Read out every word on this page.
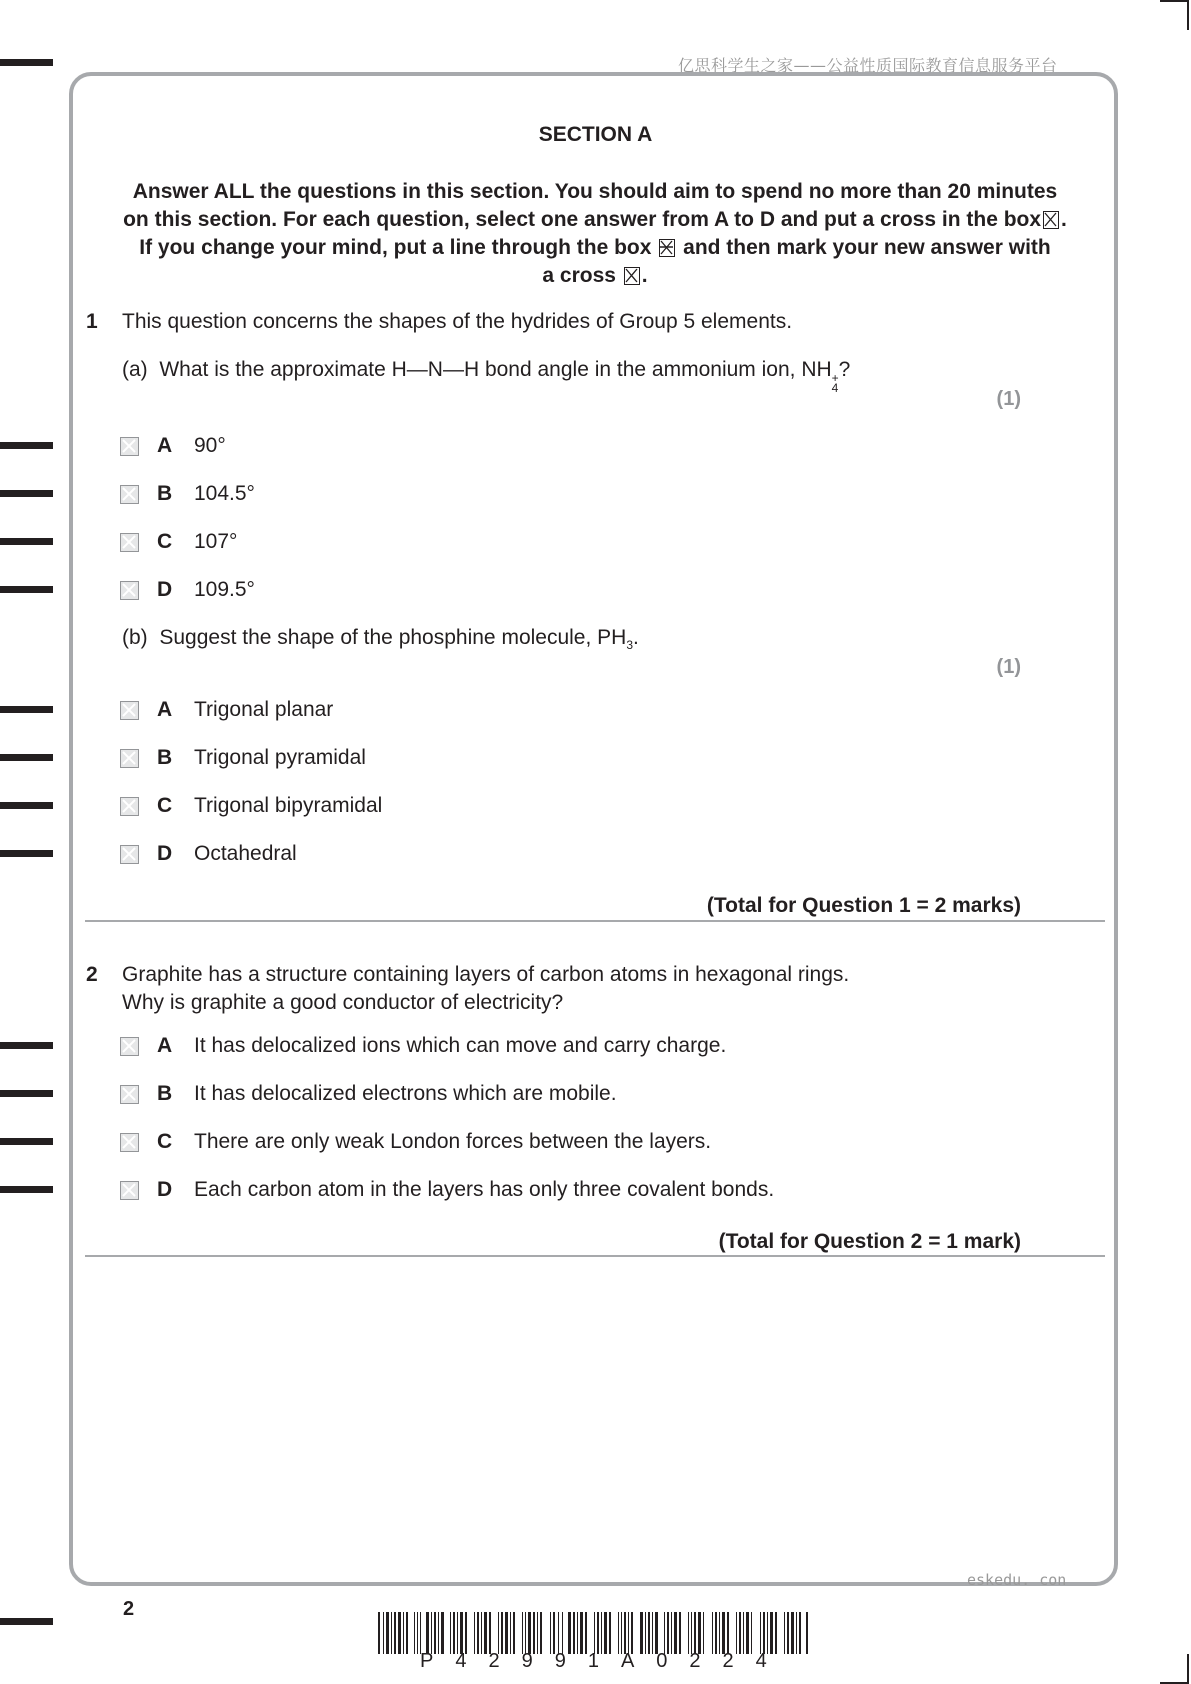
亿思科学生之家——公益性质国际教育信息服务平台
SECTION A
Answer ALL the questions in this section. You should aim to spend no more than 20 minutes
on this section. For each question, select one answer from A to D and put a cross in the box ☒ .
If you change your mind, put a line through the box and then mark your new answer with
a cross ☒ .
1 This question concerns the shapes of the hydrides of Group 5 elements.
(a) What is the approximate H—N—H bond angle in the ammonium ion, NH +
4
?
(1)
A	90°
B	104.5°
C	107°
D	109.5°
(b) Suggest the shape of the phosphine molecule, $PH_3$.
(1)
A	Trigonal planar
B	Trigonal pyramidal
C	Trigonal bipyramidal
D	Octahedral
(Total for Question 1 = 2 marks)
2 Graphite has a structure containing layers of carbon atoms in hexagonal rings.
Why is graphite a good conductor of electricity?
A	It has delocalized ions which can move and carry charge.
B	It has delocalized electrons which are mobile.
C	There are only weak London forces between the layers.
D	Each carbon atom in the layers has only three covalent bonds.
(Total for Question 2 = 1 mark)
eskedu. con
2
P42991A0224
